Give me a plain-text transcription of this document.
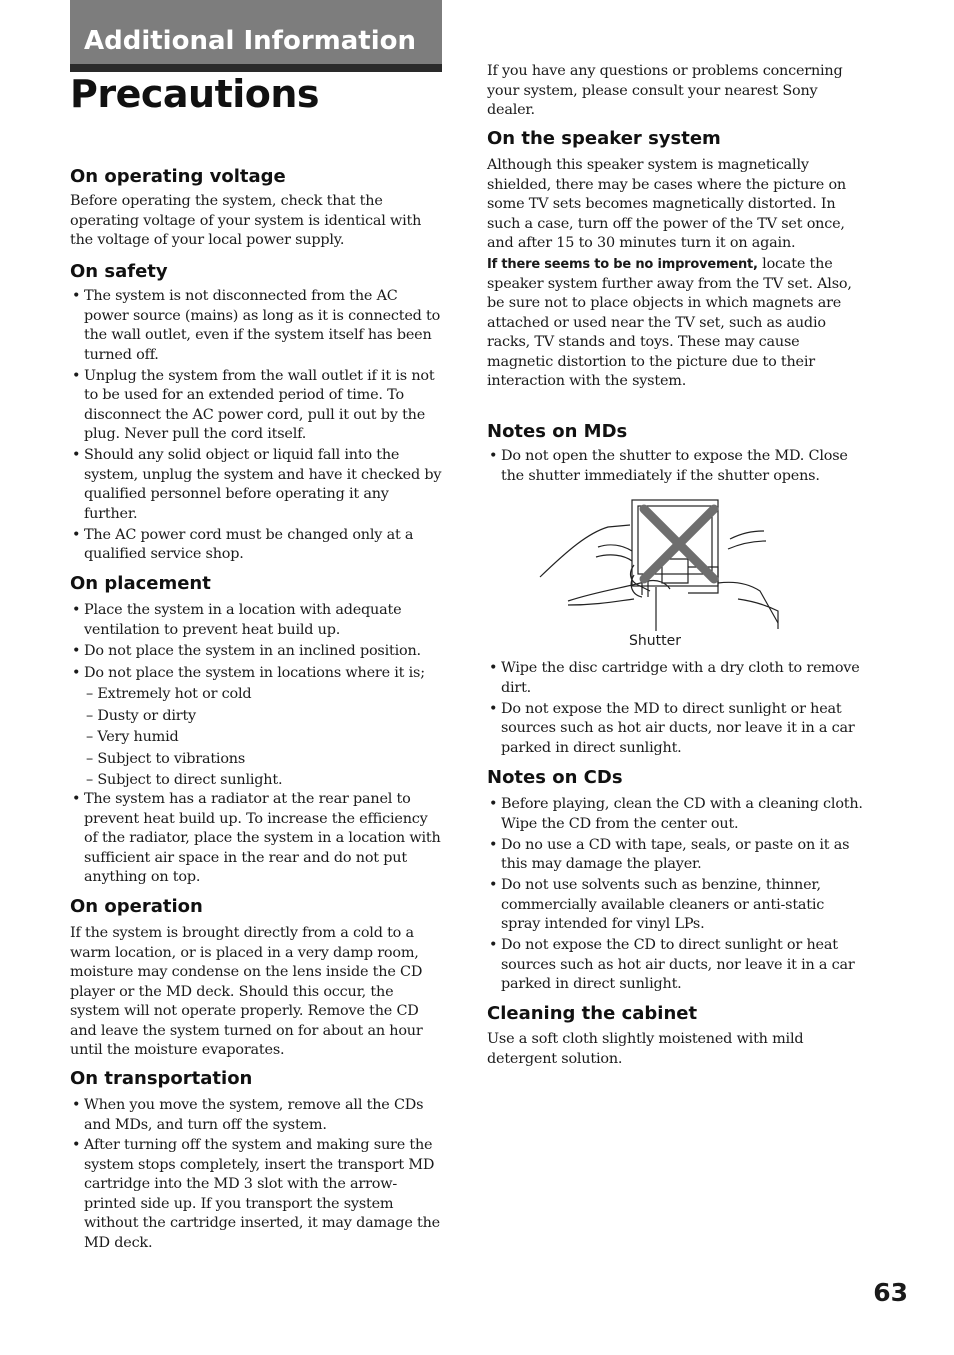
Additional Information
Precautions
On operating voltage
Before operating the system, check that the
operating voltage of your system is identical with
the voltage of your local power supply.
On safety
• The system is not disconnected from the AC
power source (mains) as long as it is connected to
the wall outlet, even if the system itself has been
turned off.
• Unplug the system from the wall outlet if it is not
to be used for an extended period of time. To
disconnect the AC power cord, pull it out by the
plug. Never pull the cord itself.
• Should any solid object or liquid fall into the
system, unplug the system and have it checked by
qualified personnel before operating it any
further.
• The AC power cord must be changed only at a
qualified service shop.
On placement
• Place the system in a location with adequate
ventilation to prevent heat build up.
• Do not place the system in an inclined position.
• Do not place the system in locations where it is;
– Extremely hot or cold
– Dusty or dirty
– Very humid
– Subject to vibrations
– Subject to direct sunlight.
• The system has a radiator at the rear panel to
prevent heat build up. To increase the efficiency
of the radiator, place the system in a location with
sufficient air space in the rear and do not put
anything on top.
On operation
If the system is brought directly from a cold to a
warm location, or is placed in a very damp room,
moisture may condense on the lens inside the CD
player or the MD deck. Should this occur, the
system will not operate properly. Remove the CD
and leave the system turned on for about an hour
until the moisture evaporates.
On transportation
• When you move the system, remove all the CDs
and MDs, and turn off the system.
• After turning off the system and making sure the
system stops completely, insert the transport MD
cartridge into the MD 3 slot with the arrow-
printed side up. If you transport the system
without the cartridge inserted, it may damage the
MD deck.
If you have any questions or problems concerning
your system, please consult your nearest Sony
dealer.
On the speaker system
Although this speaker system is magnetically
shielded, there may be cases where the picture on
some TV sets becomes magnetically distorted. In
such a case, turn off the power of the TV set once,
and after 15 to 30 minutes turn it on again.
If there seems to be no improvement, locate the
speaker system further away from the TV set. Also,
be sure not to place objects in which magnets are
attached or used near the TV set, such as audio
racks, TV stands and toys. These may cause
magnetic distortion to the picture due to their
interaction with the system.
Notes on MDs
• Do not open the shutter to expose the MD. Close
the shutter immediately if the shutter opens.
Shutter
• Wipe the disc cartridge with a dry cloth to remove
dirt.
• Do not expose the MD to direct sunlight or heat
sources such as hot air ducts, nor leave it in a car
parked in direct sunlight.
Notes on CDs
• Before playing, clean the CD with a cleaning cloth.
Wipe the CD from the center out.
• Do no use a CD with tape, seals, or paste on it as
this may damage the player.
• Do not use solvents such as benzine, thinner,
commercially available cleaners or anti-static
spray intended for vinyl LPs.
• Do not expose the CD to direct sunlight or heat
sources such as hot air ducts, nor leave it in a car
parked in direct sunlight.
Cleaning the cabinet
Use a soft cloth slightly moistened with mild
detergent solution.
63
